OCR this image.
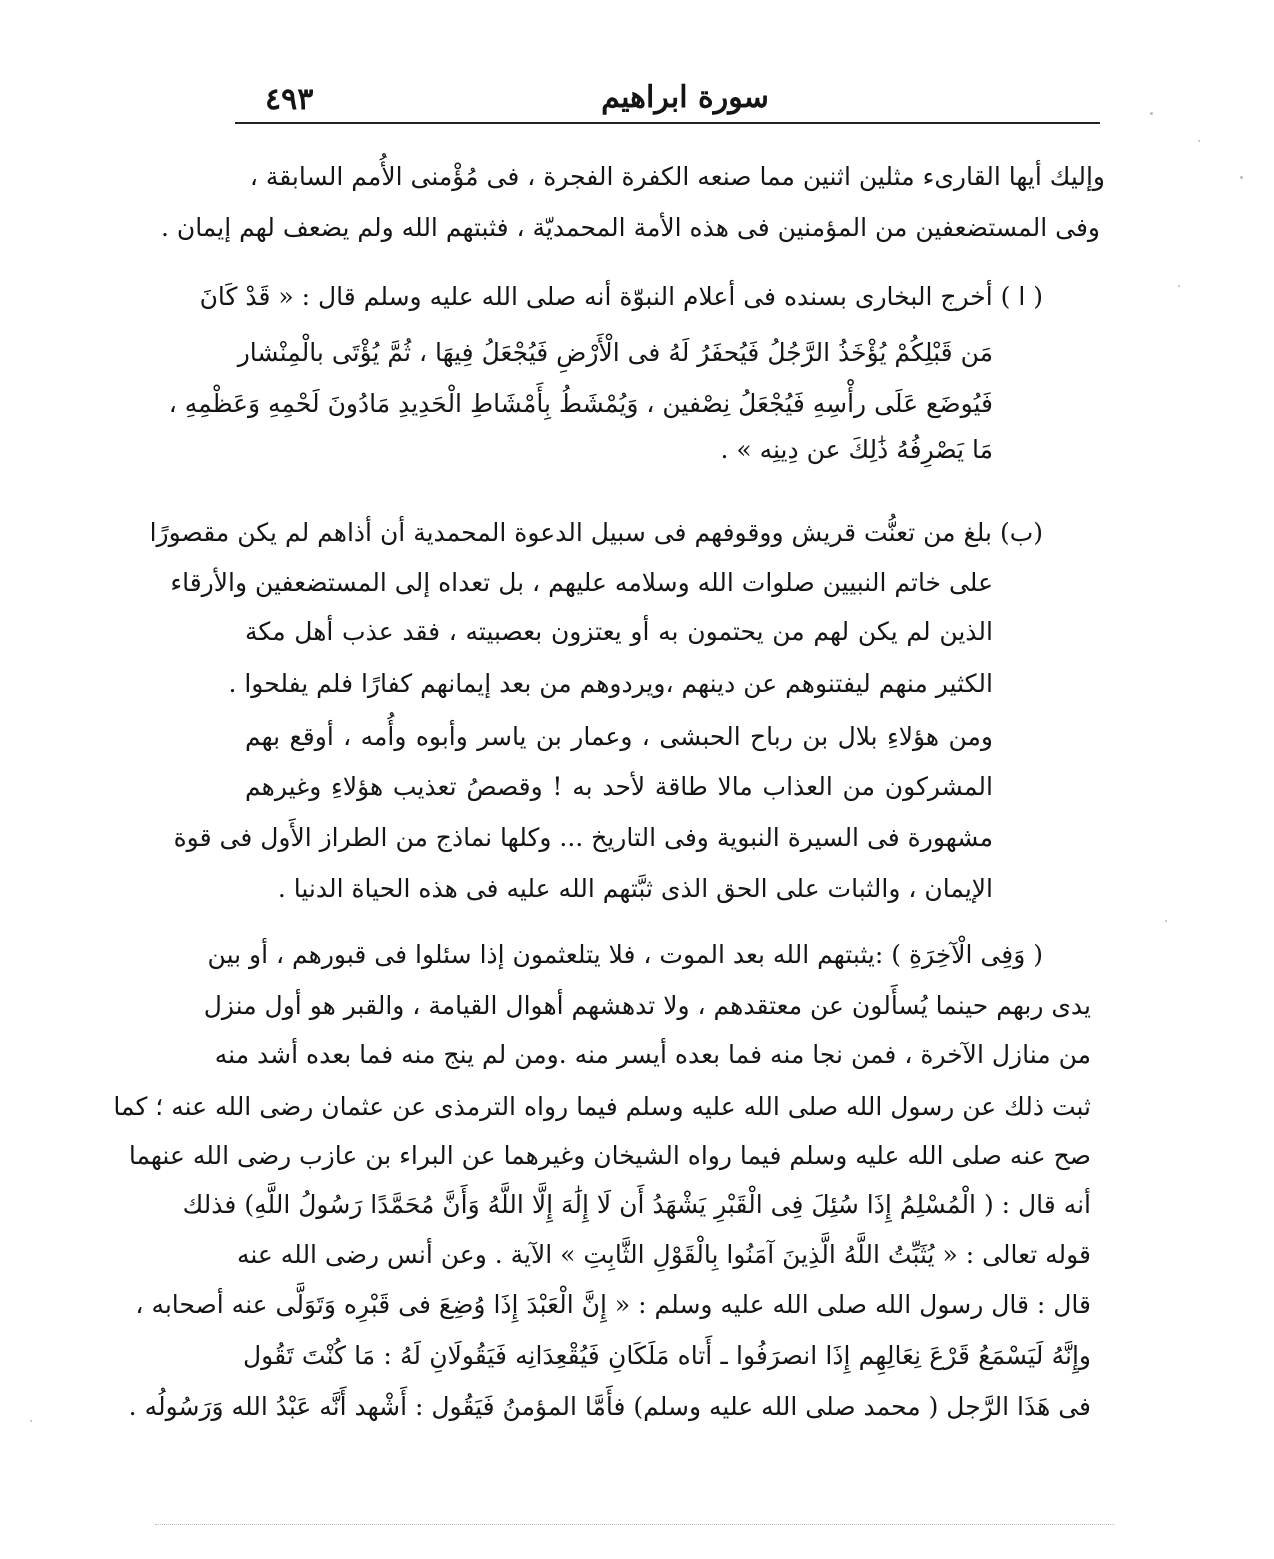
٤٩٣	سورة ابراهيم
وإليك أيها القارىء مثلين اثنين مما صنعه الكفرة الفجرة ، فى مُؤْمنى الأُمم السابقة ،
وفى المستضعفين من المؤمنين فى هذه الأمة المحمديّة ، فثبتهم الله ولم يضعف لهم إيمان .
( ا ) أخرج البخارى بسنده فى أعلام النبوّة أنه صلى الله عليه وسلم قال : « قَدْ كَانَ
مَن قَبْلِكُمْ يُؤْخَذُ الرَّجُلُ فَيُحفَرُ لَهُ فى الْأَرْضِ فَيُجْعَلُ فِيهَا ، ثُمَّ يُؤْتَى بالْمِنْشار
فَيُوضَع عَلَى رأْسِهِ فَيُجْعَلُ نِصْفين ، وَيُمْشَطُ بِأَمْشَاطِ الْحَدِيدِ مَادُونَ لَحْمِهِ وَعَظْمِهِ ،
مَا يَصْرِفُهُ ذَٰلِكَ عن دِينِه » .
(ب) بلغ من تعنُّت قريش ووقوفهم فى سبيل الدعوة المحمدية أن أذاهم لم يكن مقصورًا
على خاتم النبيين صلوات الله وسلامه عليهم ، بل تعداه إلى المستضعفين والأرقاء
الذين لم يكن لهم من يحتمون به أو يعتزون بعصبيته ، فقد عذب أهل مكة
الكثير منهم ليفتنوهم عن دينهم ،ويردوهم من بعد إيمانهم كفارًا فلم يفلحوا .
ومن هؤلاءِ بلال بن رباح الحبشى ، وعمار بن ياسر وأبوه وأُمه ، أوقع بهم
المشركون من العذاب مالا طاقة لأحد به ! وقصصُ تعذيب هؤلاءِ وغيرهم
مشهورة فى السيرة النبوية وفى التاريخ ... وكلها نماذج من الطراز الأَول فى قوة
الإيمان ، والثبات على الحق الذى ثبَّتهم الله عليه فى هذه الحياة الدنيا .
( وَفِى الْآخِرَةِ ) :يثبتهم الله بعد الموت ، فلا يتلعثمون إذا سئلوا فى قبورهم ، أو بين
يدى ربهم حينما يُسأَلون عن معتقدهم ، ولا تدهشهم أهوال القيامة ، والقبر هو أول منزل
من منازل الآخرة ، فمن نجا منه فما بعده أيسر منه .ومن لم ينج منه فما بعده أشد منه
ثبت ذلك عن رسول الله صلى الله عليه وسلم فيما رواه الترمذى عن عثمان رضى الله عنه ؛ كما
صح عنه صلى الله عليه وسلم فيما رواه الشيخان وغيرهما عن البراء بن عازب رضى الله عنهما
أنه قال : ( الْمُسْلِمُ إِذَا سُئِلَ فِى الْقَبْرِ يَشْهَدُ أَن لَا إِلَٰهَ إِلَّا اللَّهُ وَأَنَّ مُحَمَّدًا رَسُولُ اللَّهِ) فذلك
قوله تعالى : « يُثَبِّتُ اللَّهُ الَّذِينَ آمَنُوا بِالْقَوْلِ الثَّابِتِ » الآية . وعن أنس رضى الله عنه
قال : قال رسول الله صلى الله عليه وسلم : « إِنَّ الْعَبْدَ إِذَا وُضِعَ فى قَبْرِه وَتَوَلَّى عنه أصحابه ،
وإِنَّهُ لَيَسْمَعُ قَرْعَ نِعَالِهِم إِذَا انصرَفُوا ـ أَتاه مَلَكَانِ فَيُقْعِدَانِه فَيَقُولَانِ لَهُ : مَا كُنْتَ تَقُول
فى هَذَا الرَّجل ( محمد صلى الله عليه وسلم) فأَمَّا المؤمنُ فَيَقُول : أَشْهد أَنَّه عَبْدُ الله وَرَسُولُه .
